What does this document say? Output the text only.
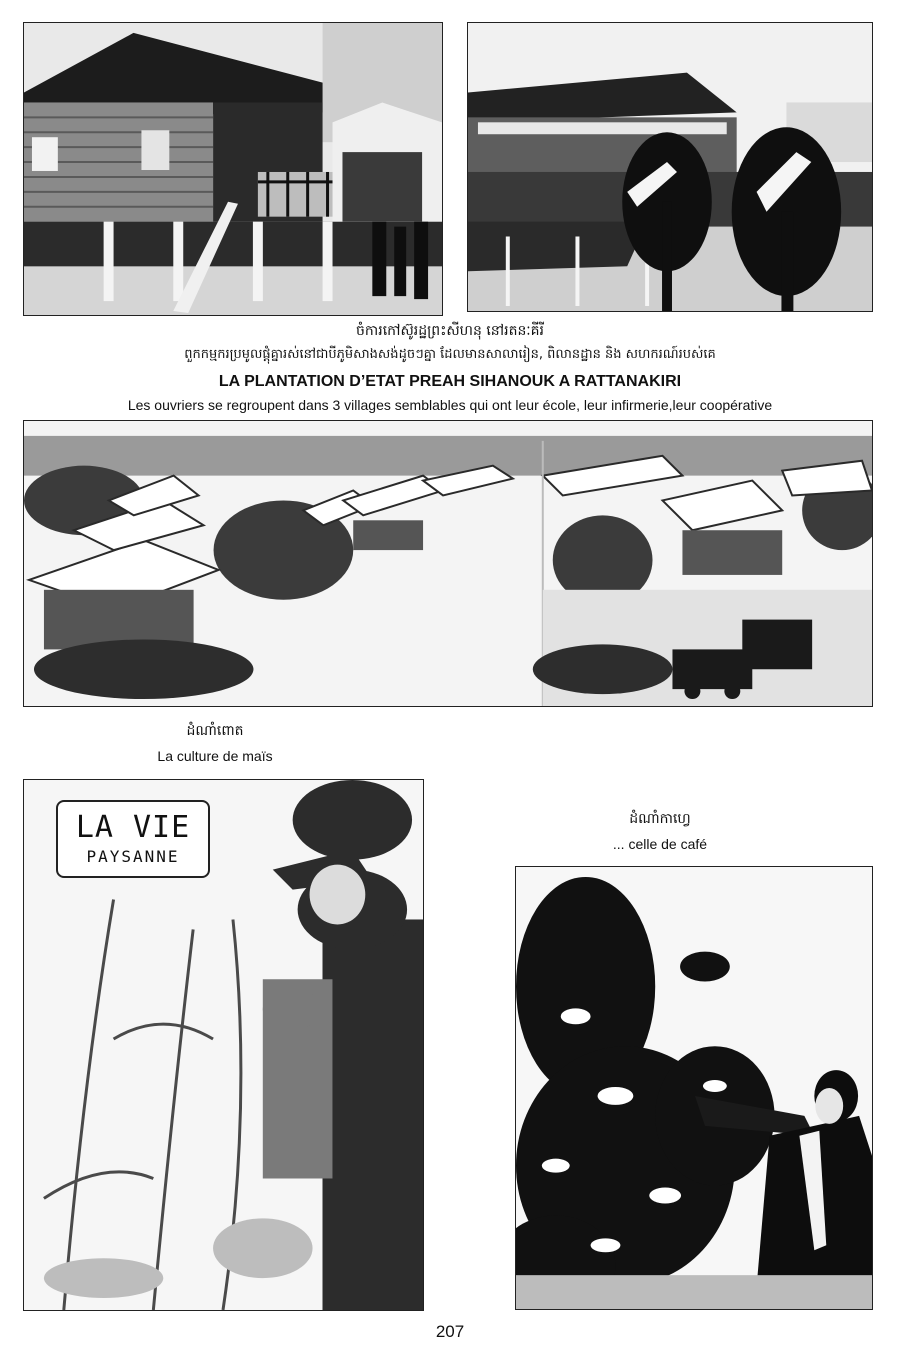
ចំការកៅស៊ូរដ្ឋព្រះសីហនុ នៅរតនៈគីរី
ពួកកម្មករប្រមូលផ្តុំគ្នារស់នៅជាបីភូមិសាងសង់ដូចៗគ្នា ដែលមានសាលារៀន, ពិលានដ្ឋាន និង សហករណ៍របស់គេ
LA PLANTATION D’ETAT PREAH SIHANOUK A RATTANAKIRI
Les ouvriers se regroupent dans 3 villages semblables qui ont leur école, leur infirmerie,leur coopérative
ដំណាំពោត
La culture de maïs
LA VIE
PAYSANNE
ដំណាំកាហ្វេ
... celle de café
207
